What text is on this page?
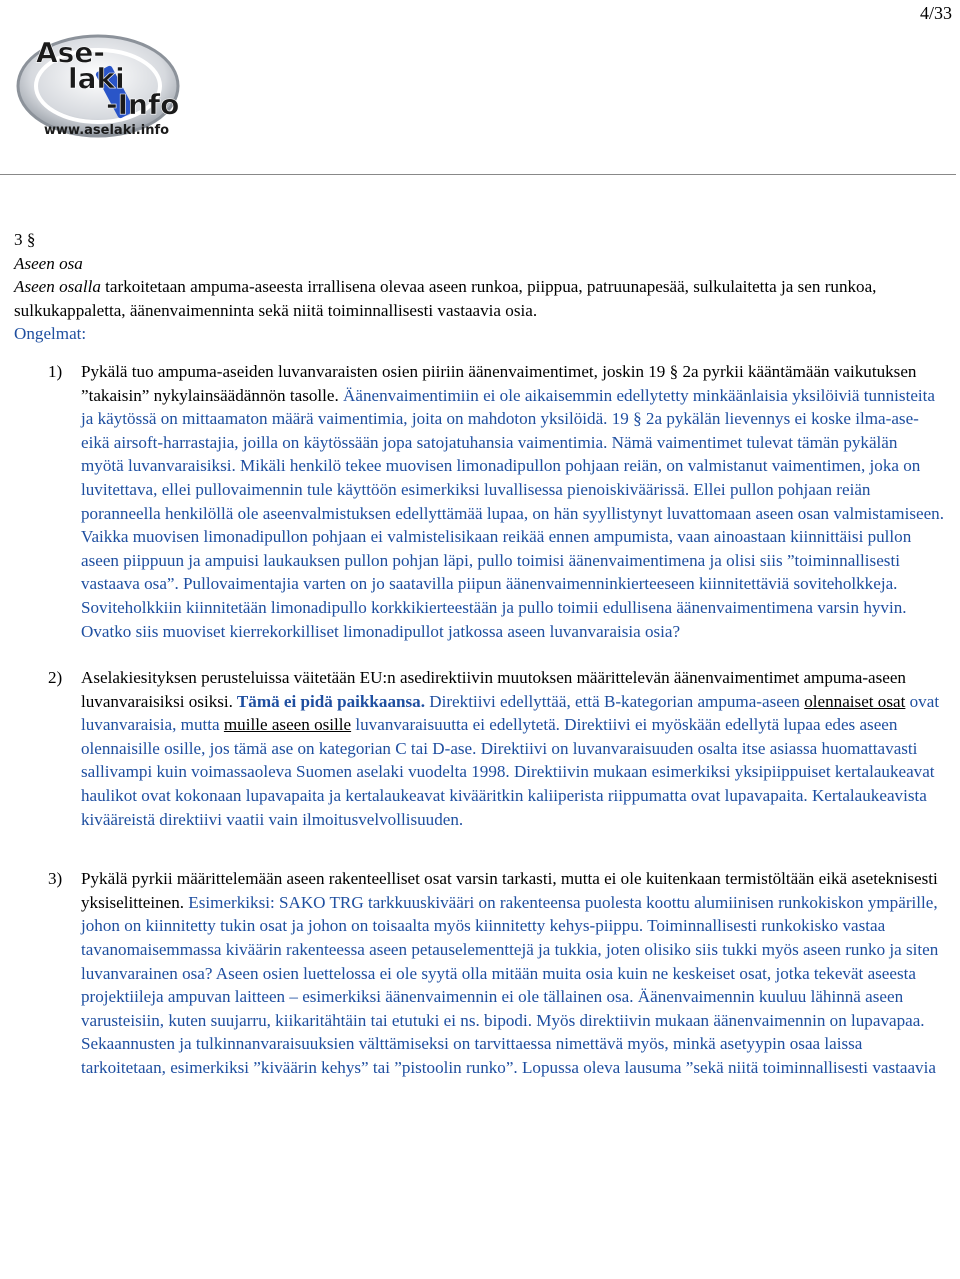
4/33
Ase-
laki
-Info
www.aselaki.info

3 §

Aseen osa

Aseen osalla tarkoitetaan ampuma-aseesta irrallisena olevaa aseen runkoa, piippua, patruunapesää, sulkulaitetta ja sen runkoa, sulkukappaletta, äänenvaimenninta sekä niitä toiminnallisesti vastaavia osia.

Ongelmat:

1) Pykälä tuo ampuma-aseiden luvanvaraisten osien piiriin äänenvaimentimet, joskin 19 § 2a pyrkii kääntämään vaikutuksen ”takaisin” nykylainsäädännön tasolle. Äänenvaimentimiin ei ole aikaisemmin edellytetty minkäänlaisia yksilöiviä tunnisteita ja käytössä on mittaamaton määrä vaimentimia, joita on mahdoton yksilöidä. 19 § 2a pykälän lievennys ei koske ilma-ase- eikä airsoft-harrastajia, joilla on käytössään jopa satojatuhansia vaimentimia. Nämä vaimentimet tulevat tämän pykälän myötä luvanvaraisiksi. Mikäli henkilö tekee muovisen limonadipullon pohjaan reiän, on valmistanut vaimentimen, joka on luvitettava, ellei pullovaimennin tule käyttöön esimerkiksi luvallisessa pienoiskiväärissä. Ellei pullon pohjaan reiän poranneella henkilöllä ole aseenvalmistuksen edellyttämää lupaa, on hän syyllistynyt luvattomaan aseen osan valmistamiseen. Vaikka muovisen limonadipullon pohjaan ei valmistelisikaan reikää ennen ampumista, vaan ainoastaan kiinnittäisi pullon aseen piippuun ja ampuisi laukauksen pullon pohjan läpi, pullo toimisi äänenvaimentimena ja olisi siis ”toiminnallisesti vastaava osa”. Pullovaimentajia varten on jo saatavilla piipun äänenvaimenninkierteeseen kiinnitettäviä soviteholkkeja. Soviteholkkiin kiinnitetään limonadipullo korkkikierteestään ja pullo toimii edullisena äänenvaimentimena varsin hyvin. Ovatko siis muoviset kierrekorkilliset limonadipullot jatkossa aseen luvanvaraisia osia?
2) Aselakiesityksen perusteluissa väitetään EU:n asedirektiivin muutoksen määrittelevän äänenvaimentimet ampuma-aseen luvanvaraisiksi osiksi. Tämä ei pidä paikkaansa. Direktiivi edellyttää, että B-kategorian ampuma-aseen olennaiset osat ovat luvanvaraisia, mutta muille aseen osille luvanvaraisuutta ei edellytetä. Direktiivi ei myöskään edellytä lupaa edes aseen olennaisille osille, jos tämä ase on kategorian C tai D-ase. Direktiivi on luvanvaraisuuden osalta itse asiassa huomattavasti sallivampi kuin voimassaoleva Suomen aselaki vuodelta 1998. Direktiivin mukaan esimerkiksi yksipiippuiset kertalaukeavat haulikot ovat kokonaan lupavapaita ja kertalaukeavat kivääritkin kaliiperista riippumatta ovat lupavapaita. Kertalaukeavista kivääreistä direktiivi vaatii vain ilmoitusvelvollisuuden.
3) Pykälä pyrkii määrittelemään aseen rakenteelliset osat varsin tarkasti, mutta ei ole kuitenkaan termistöltään eikä aseteknisesti yksiselitteinen. Esimerkiksi: SAKO TRG tarkkuuskivääri on rakenteensa puolesta koottu alumiinisen runkokiskon ympärille, johon on kiinnitetty tukin osat ja johon on toisaalta myös kiinnitetty kehys-piippu. Toiminnallisesti runkokisko vastaa tavanomaisemmassa kiväärin rakenteessa aseen petauselementtejä ja tukkia, joten olisiko siis tukki myös aseen runko ja siten luvanvarainen osa? Aseen osien luettelossa ei ole syytä olla mitään muita osia kuin ne keskeiset osat, jotka tekevät aseesta projektiileja ampuvan laitteen – esimerkiksi äänenvaimennin ei ole tällainen osa. Äänenvaimennin kuuluu lähinnä aseen varusteisiin, kuten suujarru, kiikaritähtäin tai etutuki ei ns. bipodi. Myös direktiivin mukaan äänenvaimennin on lupavapaa. Sekaannusten ja tulkinnanvaraisuuksien välttämiseksi on tarvittaessa nimettävä myös, minkä asetyypin osaa laissa tarkoitetaan, esimerkiksi ”kiväärin kehys” tai ”pistoolin runko”. Lopussa oleva lausuma ”sekä niitä toiminnallisesti vastaavia
